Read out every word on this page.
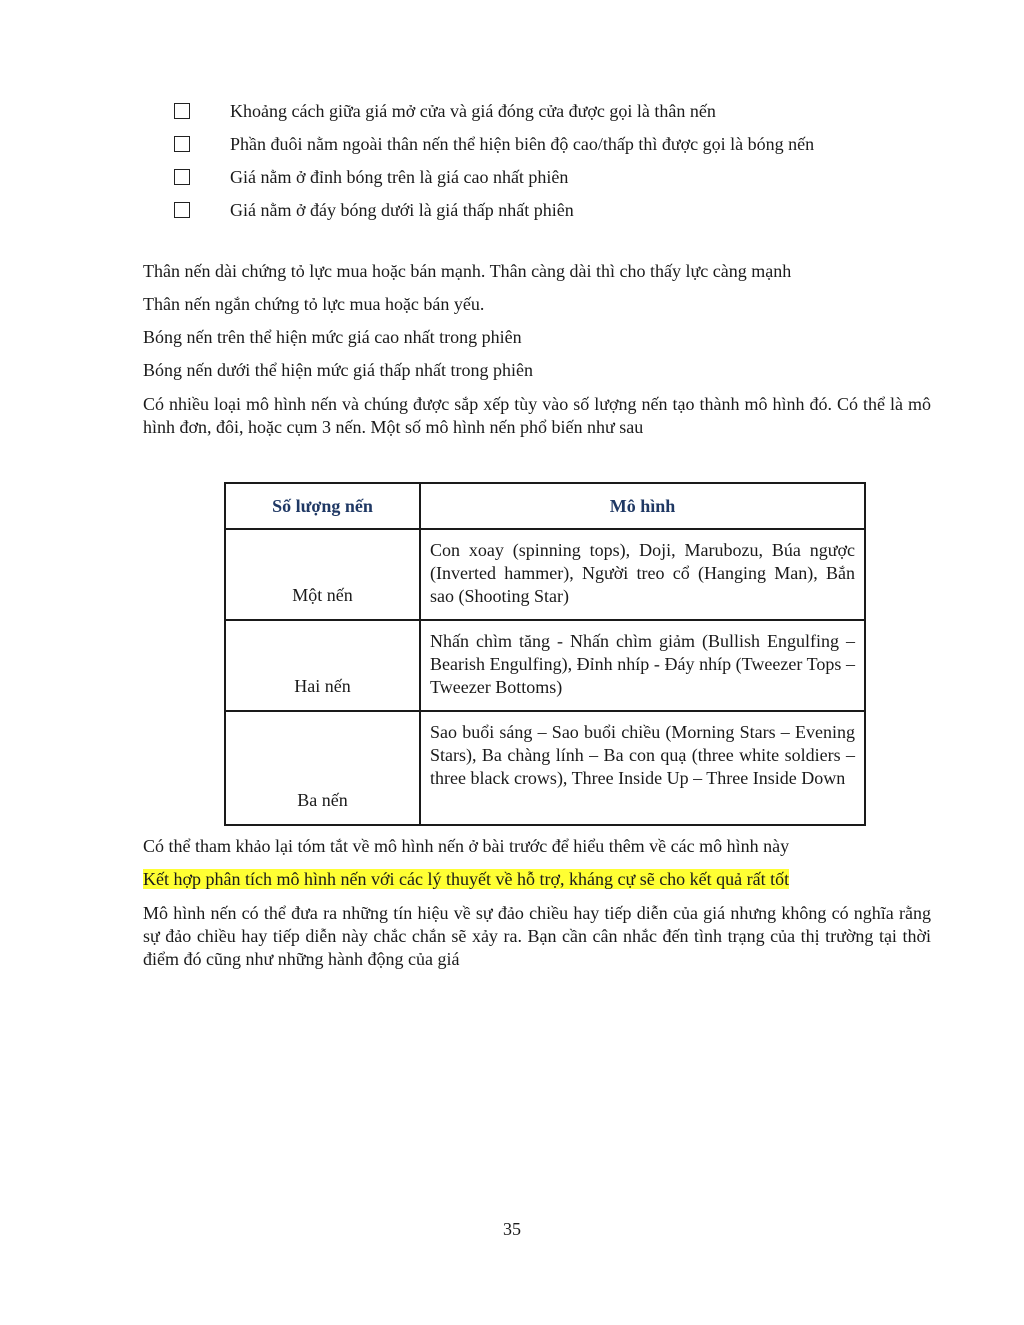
Khoảng cách giữa giá mở cửa và giá đóng cửa được gọi là thân nến
Phần đuôi nằm ngoài thân nến thể hiện biên độ cao/thấp thì được gọi là bóng nến
Giá nằm ở đỉnh bóng trên là giá cao nhất phiên
Giá nằm ở đáy bóng dưới là giá thấp nhất phiên

Thân nến dài chứng tỏ lực mua hoặc bán mạnh. Thân càng dài thì cho thấy lực càng mạnh

Thân nến ngắn chứng tỏ lực mua hoặc bán yếu.

Bóng nến trên thể hiện mức giá cao nhất trong phiên

Bóng nến dưới thể hiện mức giá thấp nhất trong phiên

Có nhiều loại mô hình nến và chúng được sắp xếp tùy vào số lượng nến tạo thành mô hình đó. Có thể là mô hình đơn, đôi, hoặc cụm 3 nến. Một số mô hình nến phổ biến như sau

Số lượng nến	Mô hình
Một nến	Con xoay (spinning tops), Doji, Marubozu, Búa ngược (Inverted hammer), Người treo cổ (Hanging Man), Bắn sao (Shooting Star)
Hai nến	Nhấn chìm tăng - Nhấn chìm giảm (Bullish Engulfing – Bearish Engulfing), Đỉnh nhíp - Đáy nhíp (Tweezer Tops – Tweezer Bottoms)
Ba nến	Sao buổi sáng – Sao buổi chiều (Morning Stars – Evening Stars), Ba chàng lính – Ba con quạ (three white soldiers – three black crows), Three Inside Up – Three Inside Down

Có thể tham khảo lại tóm tắt về mô hình nến ở bài trước để hiểu thêm về các mô hình này

Kết hợp phân tích mô hình nến với các lý thuyết về hỗ trợ, kháng cự sẽ cho kết quả rất tốt

Mô hình nến có thể đưa ra những tín hiệu về sự đảo chiều hay tiếp diễn của giá nhưng không có nghĩa rằng sự đảo chiều hay tiếp diễn này chắc chắn sẽ xảy ra. Bạn cần cân nhắc đến tình trạng của thị trường tại thời điểm đó cũng như những hành động của giá

35
